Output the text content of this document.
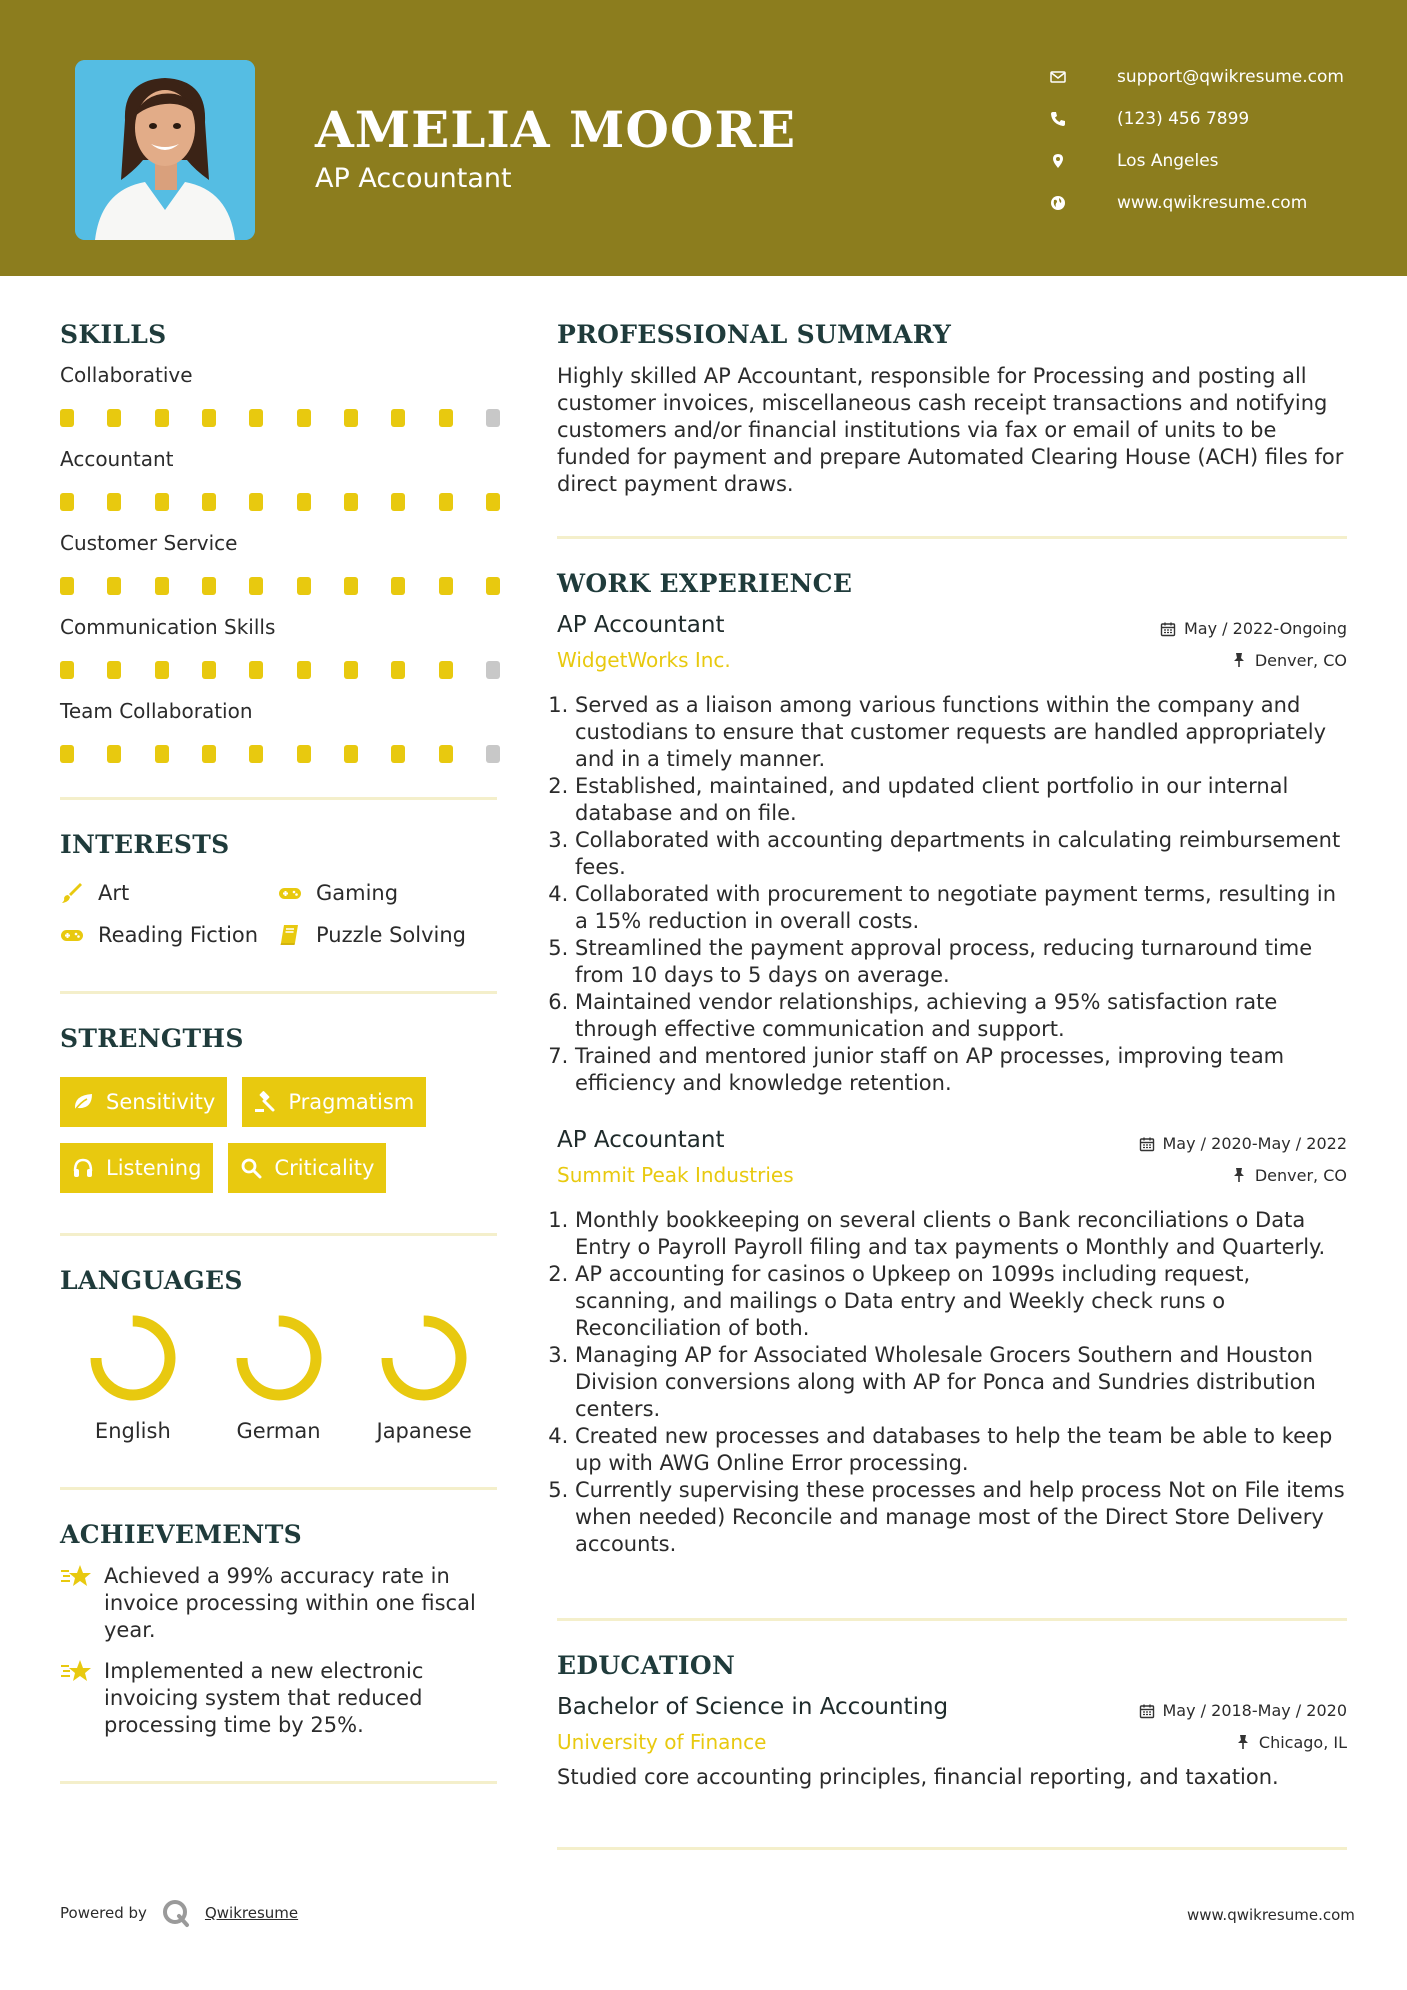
AMELIA MOORE
AP Accountant
support@qwikresume.com
(123) 456 7899
Los Angeles
www.qwikresume.com
SKILLS
Collaborative
Accountant
Customer Service
Communication Skills
Team Collaboration
INTERESTS
Art	Gaming
Reading Fiction	Puzzle Solving
STRENGTHS
Sensitivity	Pragmatism
Listening	Criticality
LANGUAGES
English	German	Japanese
ACHIEVEMENTS
Achieved a 99% accuracy rate in invoice processing within one fiscal year.
Implemented a new electronic invoicing system that reduced processing time by 25%.
PROFESSIONAL SUMMARY
Highly skilled AP Accountant, responsible for Processing and posting all customer invoices, miscellaneous cash receipt transactions and notifying customers and/or financial institutions via fax or email of units to be funded for payment and prepare Automated Clearing House (ACH) files for direct payment draws.
WORK EXPERIENCE
AP Accountant	May / 2022-Ongoing
WidgetWorks Inc.	Denver, CO
1. Served as a liaison among various functions within the company and custodians to ensure that customer requests are handled appropriately and in a timely manner.
2. Established, maintained, and updated client portfolio in our internal database and on file.
3. Collaborated with accounting departments in calculating reimbursement fees.
4. Collaborated with procurement to negotiate payment terms, resulting in a 15% reduction in overall costs.
5. Streamlined the payment approval process, reducing turnaround time from 10 days to 5 days on average.
6. Maintained vendor relationships, achieving a 95% satisfaction rate through effective communication and support.
7. Trained and mentored junior staff on AP processes, improving team efficiency and knowledge retention.
AP Accountant	May / 2020-May / 2022
Summit Peak Industries	Denver, CO
1. Monthly bookkeeping on several clients o Bank reconciliations o Data Entry o Payroll Payroll filing and tax payments o Monthly and Quarterly.
2. AP accounting for casinos o Upkeep on 1099s including request, scanning, and mailings o Data entry and Weekly check runs o Reconciliation of both.
3. Managing AP for Associated Wholesale Grocers Southern and Houston Division conversions along with AP for Ponca and Sundries distribution centers.
4. Created new processes and databases to help the team be able to keep up with AWG Online Error processing.
5. Currently supervising these processes and help process Not on File items when needed) Reconcile and manage most of the Direct Store Delivery accounts.
EDUCATION
Bachelor of Science in Accounting	May / 2018-May / 2020
University of Finance	Chicago, IL
Studied core accounting principles, financial reporting, and taxation.
Powered by	Qwikresume	www.qwikresume.com
